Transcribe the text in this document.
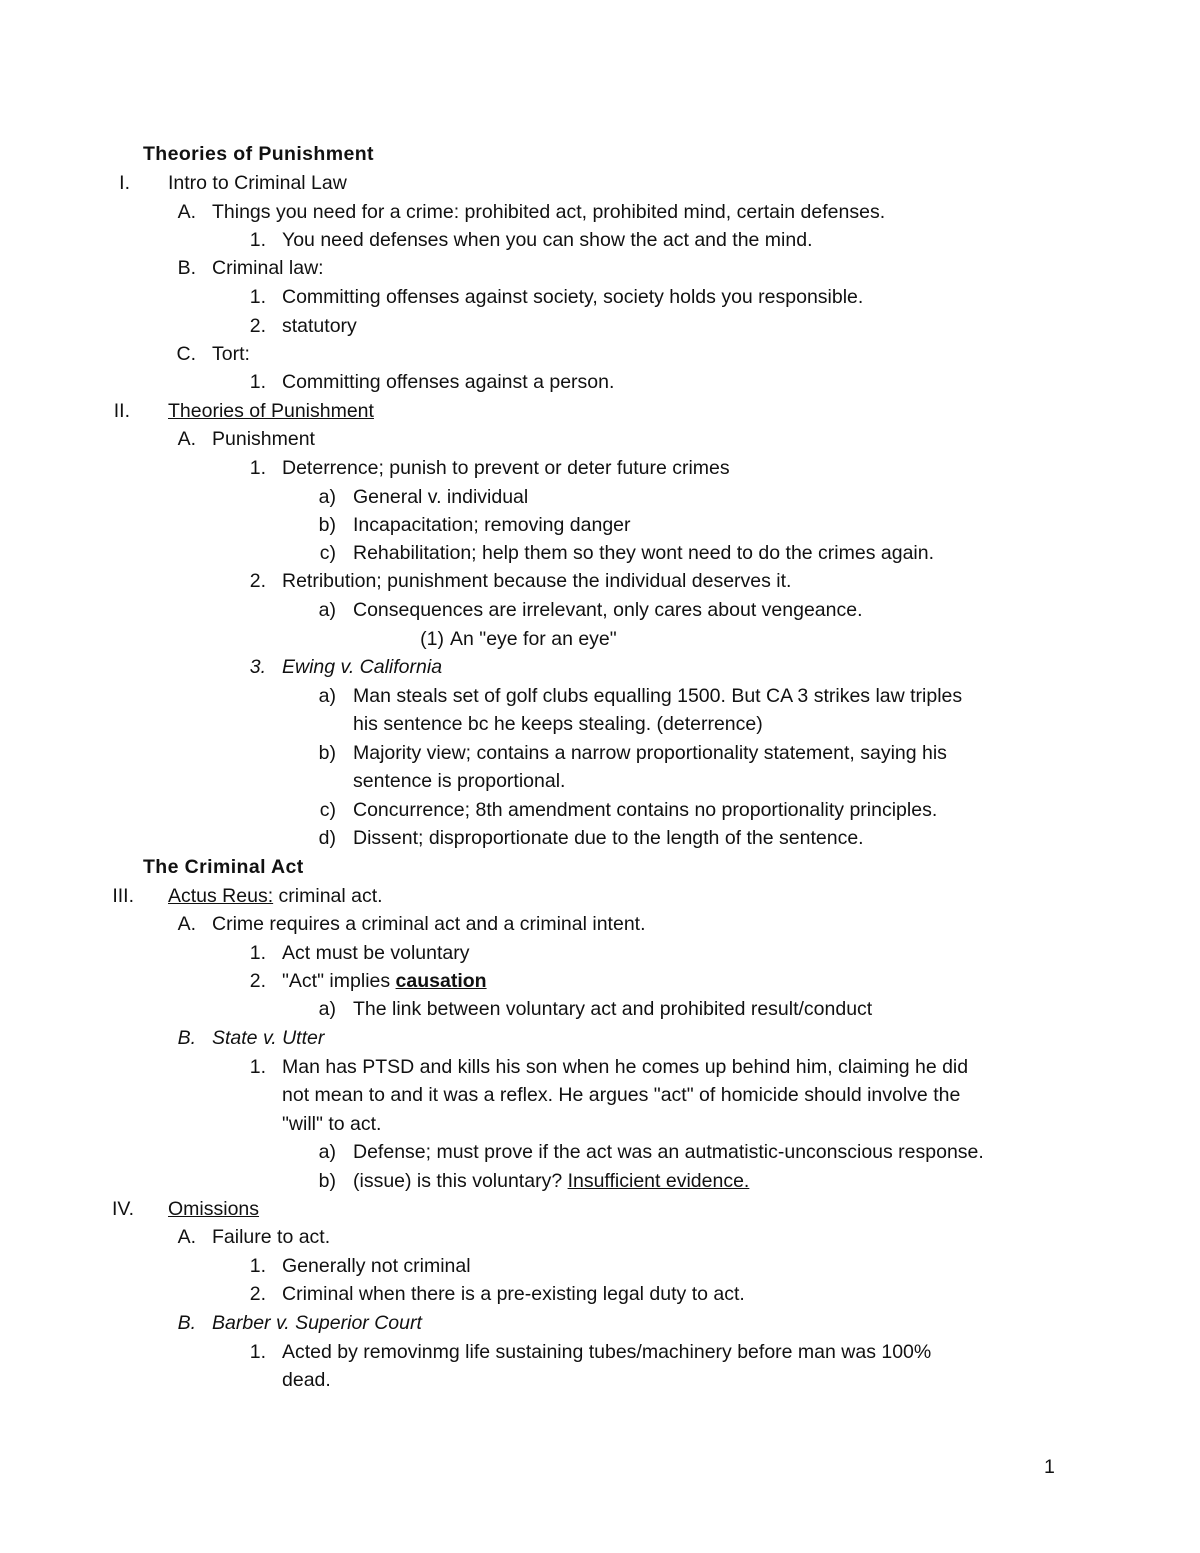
Theories of Punishment
I. Intro to Criminal Law
A. Things you need for a crime: prohibited act, prohibited mind, certain defenses.
1. You need defenses when you can show the act and the mind.
B. Criminal law:
1. Committing offenses against society, society holds you responsible.
2. statutory
C. Tort:
1. Committing offenses against a person.
II. Theories of Punishment
A. Punishment
1. Deterrence; punish to prevent or deter future crimes
a) General v. individual
b) Incapacitation; removing danger
c) Rehabilitation; help them so they wont need to do the crimes again.
2. Retribution; punishment because the individual deserves it.
a) Consequences are irrelevant, only cares about vengeance.
(1) An "eye for an eye"
3. Ewing v. California
a) Man steals set of golf clubs equalling 1500. But CA 3 strikes law triples
his sentence bc he keeps stealing. (deterrence)
b) Majority view; contains a narrow proportionality statement, saying his
sentence is proportional.
c) Concurrence; 8th amendment contains no proportionality principles.
d) Dissent; disproportionate due to the length of the sentence.
The Criminal Act
III. Actus Reus: criminal act.
A. Crime requires a criminal act and a criminal intent.
1. Act must be voluntary
2. "Act" implies causation
a) The link between voluntary act and prohibited result/conduct
B. State v. Utter
1. Man has PTSD and kills his son when he comes up behind him, claiming he did
not mean to and it was a reflex. He argues "act" of homicide should involve the
"will" to act.
a) Defense; must prove if the act was an autmatistic-unconscious response.
b) (issue) is this voluntary? Insufficient evidence.
IV. Omissions
A. Failure to act.
1. Generally not criminal
2. Criminal when there is a pre-existing legal duty to act.
B. Barber v. Superior Court
1. Acted by removinmg life sustaining tubes/machinery before man was 100%
dead.
1
